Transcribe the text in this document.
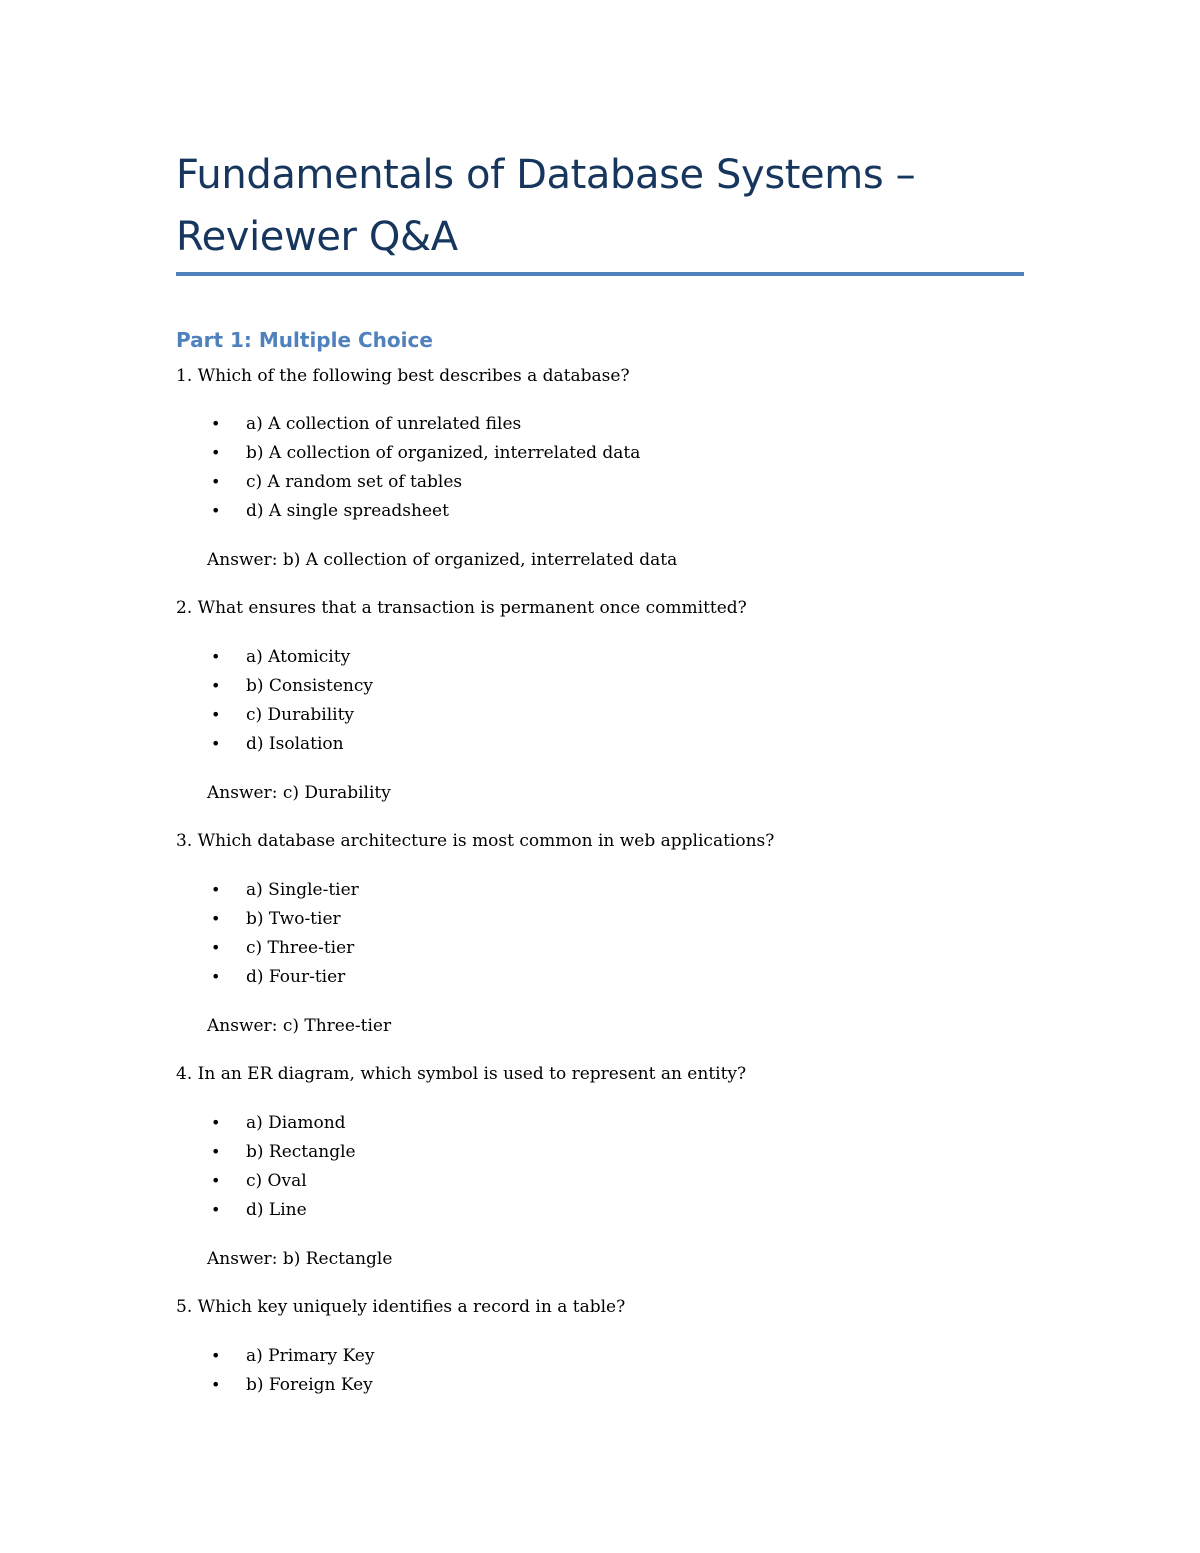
Fundamentals of Database Systems – Reviewer Q&A
Part 1: Multiple Choice

1. Which of the following best describes a database?

• a) A collection of unrelated files
• b) A collection of organized, interrelated data
• c) A random set of tables
• d) A single spreadsheet

Answer: b) A collection of organized, interrelated data

2. What ensures that a transaction is permanent once committed?

• a) Atomicity
• b) Consistency
• c) Durability
• d) Isolation

Answer: c) Durability

3. Which database architecture is most common in web applications?

• a) Single-tier
• b) Two-tier
• c) Three-tier
• d) Four-tier

Answer: c) Three-tier

4. In an ER diagram, which symbol is used to represent an entity?

• a) Diamond
• b) Rectangle
• c) Oval
• d) Line

Answer: b) Rectangle

5. Which key uniquely identifies a record in a table?

• a) Primary Key
• b) Foreign Key
